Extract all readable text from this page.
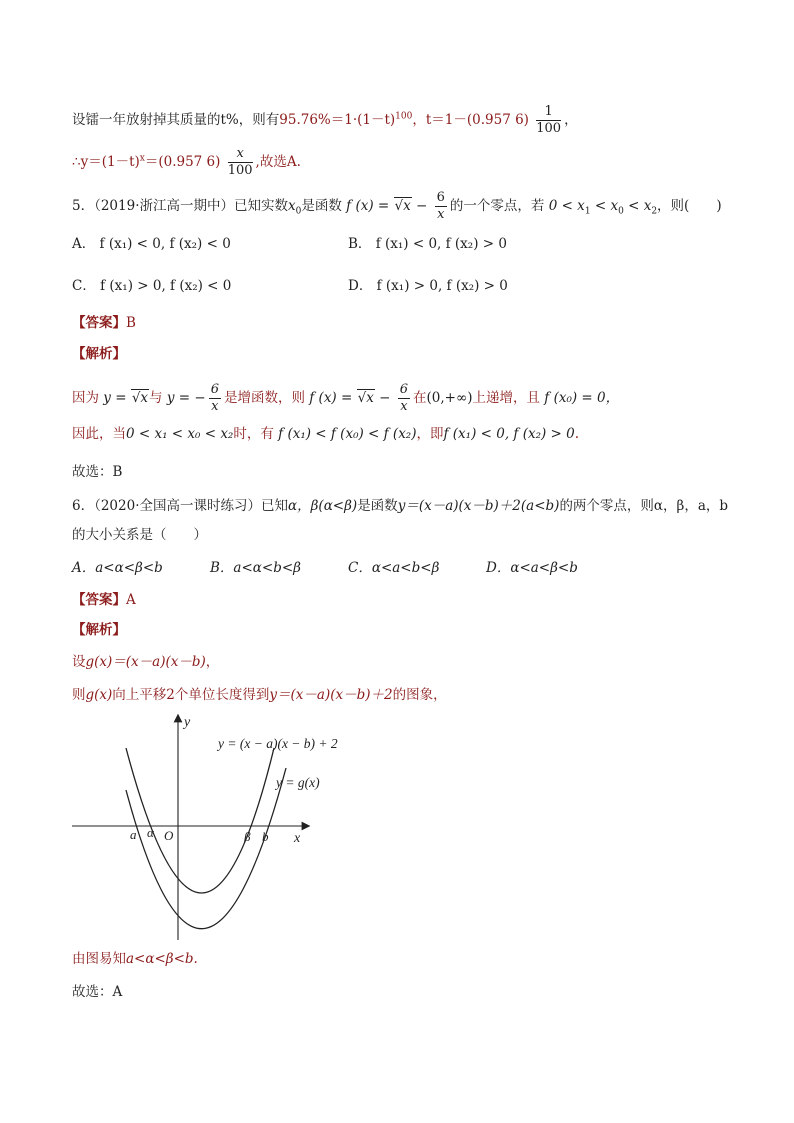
设镭一年放射掉其质量的t%，则有$95.76\%=1\cdot(1-t)^{100}$，t＝1－(0.957 $6) \frac{1}{100}$ ，
$\therefore y=(1-t)^x=(0.957$ $6) \frac{x}{100}$ ,故选A.
5．（2019·浙江高一期中）已知实数$x_0$是函数 f $(x) = √x - \frac{6}{x}$ 的一个零点，若 $0 < x_1 < x_0 < x_2$，则(　　)
A． f (x₁) < 0, f (x₂) < 0	B． f (x₁) < 0, f (x₂) > 0
C． f (x₁) > 0, f (x₂) < 0	D． f (x₁) > 0, f (x₂) > 0
【答案】B
【解析】
因为 y = √x与 y = − $\frac{6}{x}$ 是增函数，则 f $(x) = √x - \frac{6}{x}$ 在(0,+∞)上递增，且 f (x₀) = 0，
因此，当0 < x₁ < x₀ < x₂时，有 f (x₁) < f (x₀) < f (x₂)，即f (x₁) < 0, f (x₂) > 0.
故选：B
6．（2020·全国高一课时练习）已知α，β(α<β)是函数y＝(x－a)(x－b)＋2(a<b)的两个零点，则α，β，a，b
的大小关系是（　　）
A．a<α<β<b	B．a<α<b<β	C．α<a<b<β	D．α<a<β<b
【答案】A
【解析】
设g(x)＝(x－a)(x－b)，
则g(x)向上平移2个单位长度得到y＝(x－a)(x－b)＋2的图象，
y
x
O
y = (x − a)(x − b) + 2
y = g(x)
a α	β b
由图易知a<α<β<b.
故选：A
